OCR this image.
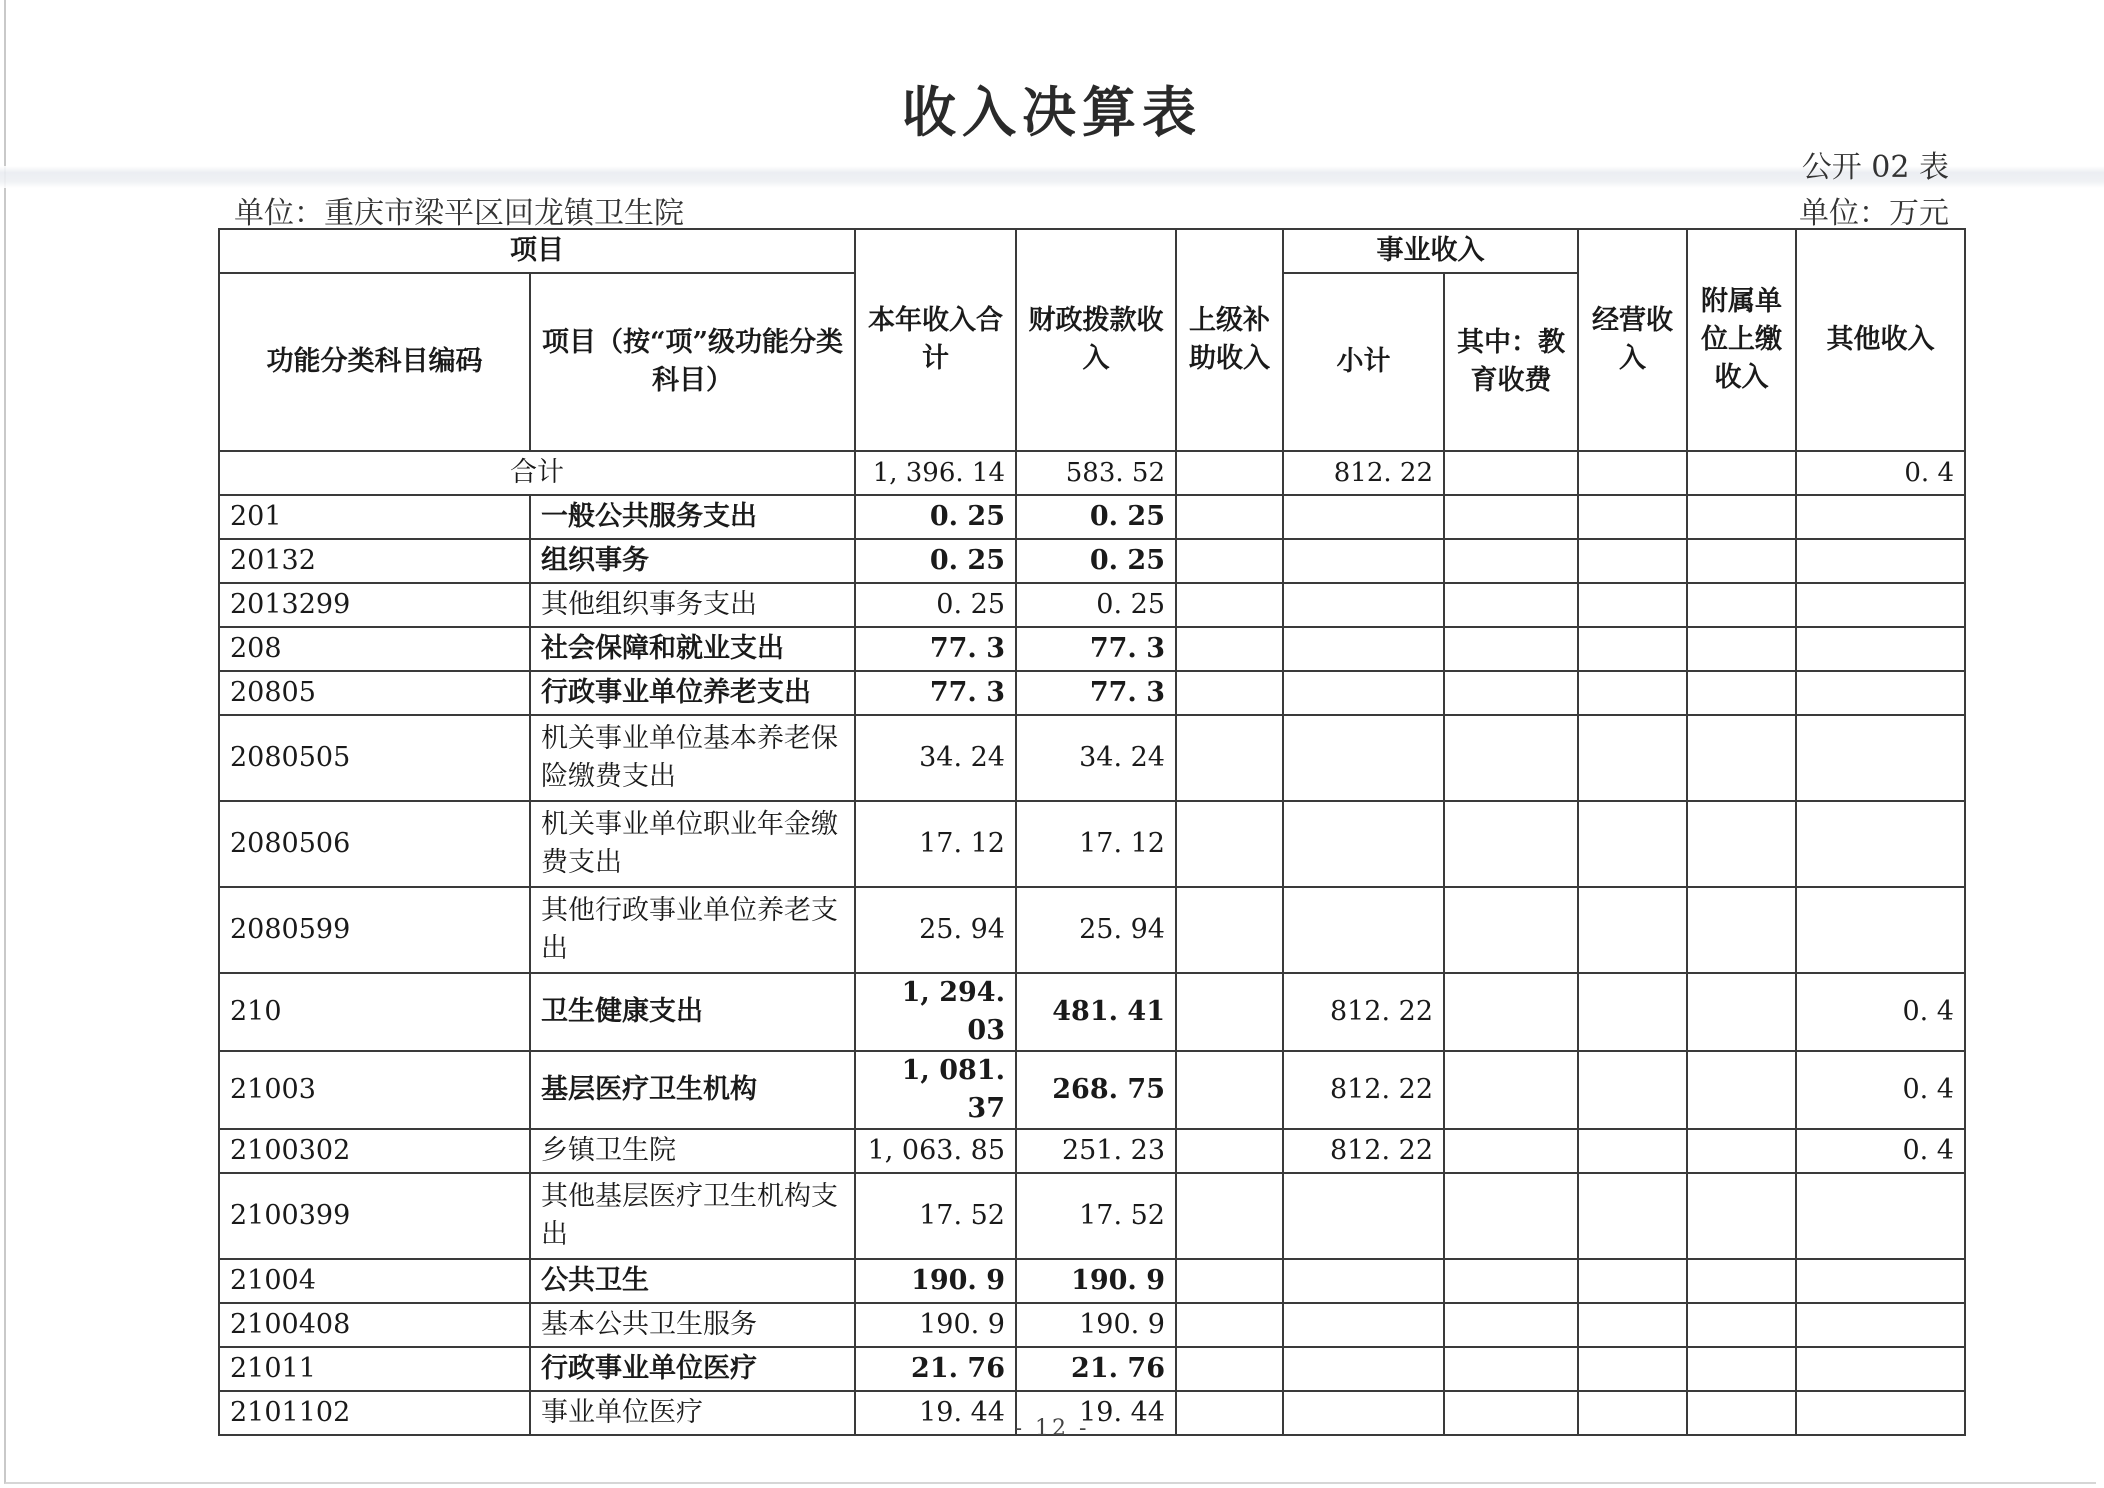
收入决算表
公开 02 表
单位：重庆市梁平区回龙镇卫生院	单位：万元
项目		本年收入合计	财政拨款收入	上级补助收入	事业收入		经营收入	附属单位上缴收入	其他收入
功能分类科目编码	项目（按“项”级功能分类科目）				小计	其中：教育收费			
合计		1, 396. 14	583. 52		812. 22				0. 4
201	一般公共服务支出	0. 25	0. 25						
20132	组织事务	0. 25	0. 25						
2013299	其他组织事务支出	0. 25	0. 25						
208	社会保障和就业支出	77. 3	77. 3						
20805	行政事业单位养老支出	77. 3	77. 3						
2080505	机关事业单位基本养老保险缴费支出	34. 24	34. 24						
2080506	机关事业单位职业年金缴费支出	17. 12	17. 12						
2080599	其他行政事业单位养老支出	25. 94	25. 94						
210	卫生健康支出	1, 294. 03	481. 41		812. 22				0. 4
21003	基层医疗卫生机构	1, 081. 37	268. 75		812. 22				0. 4
2100302	乡镇卫生院	1, 063. 85	251. 23		812. 22				0. 4
2100399	其他基层医疗卫生机构支出	17. 52	17. 52						
21004	公共卫生	190. 9	190. 9						
2100408	基本公共卫生服务	190. 9	190. 9						
21011	行政事业单位医疗	21. 76	21. 76						
2101102	事业单位医疗	19. 44	19. 44						
- 12 -
